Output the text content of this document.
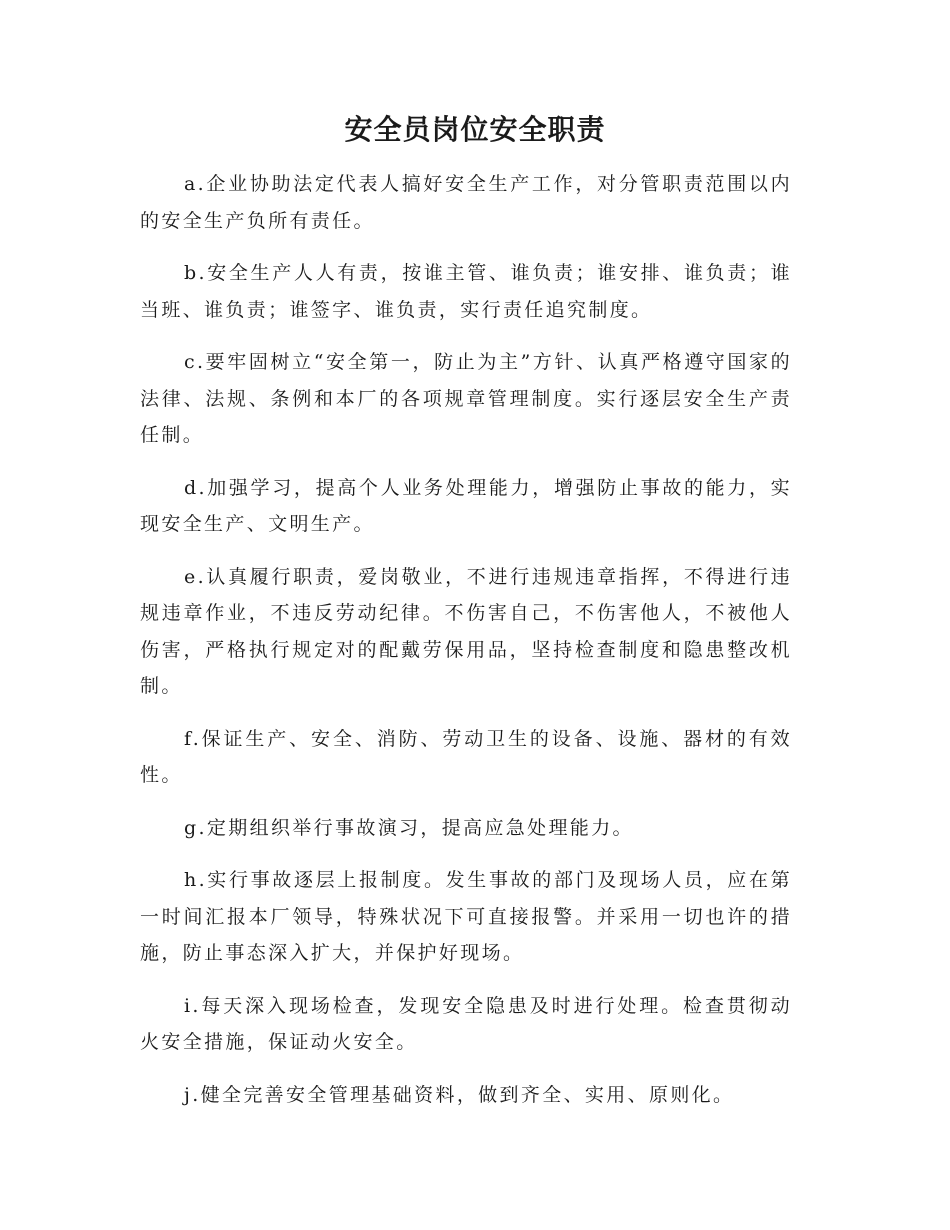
安全员岗位安全职责

a.企业协助法定代表人搞好安全生产工作，对分管职责范围以内的安全生产负所有责任。

b.安全生产人人有责，按谁主管、谁负责；谁安排、谁负责；谁当班、谁负责；谁签字、谁负责，实行责任追究制度。

c.要牢固树立“安全第一，防止为主”方针、认真严格遵守国家的法律、法规、条例和本厂的各项规章管理制度。实行逐层安全生产责任制。

d.加强学习，提高个人业务处理能力，增强防止事故的能力，实现安全生产、文明生产。

e.认真履行职责，爱岗敬业，不进行违规违章指挥，不得进行违规违章作业，不违反劳动纪律。不伤害自己，不伤害他人，不被他人伤害，严格执行规定对的配戴劳保用品，坚持检查制度和隐患整改机制。

f.保证生产、安全、消防、劳动卫生的设备、设施、器材的有效性。

g.定期组织举行事故演习，提高应急处理能力。

h.实行事故逐层上报制度。发生事故的部门及现场人员，应在第一时间汇报本厂领导，特殊状况下可直接报警。并采用一切也许的措施，防止事态深入扩大，并保护好现场。

i.每天深入现场检查，发现安全隐患及时进行处理。检查贯彻动火安全措施，保证动火安全。

j.健全完善安全管理基础资料，做到齐全、实用、原则化。
